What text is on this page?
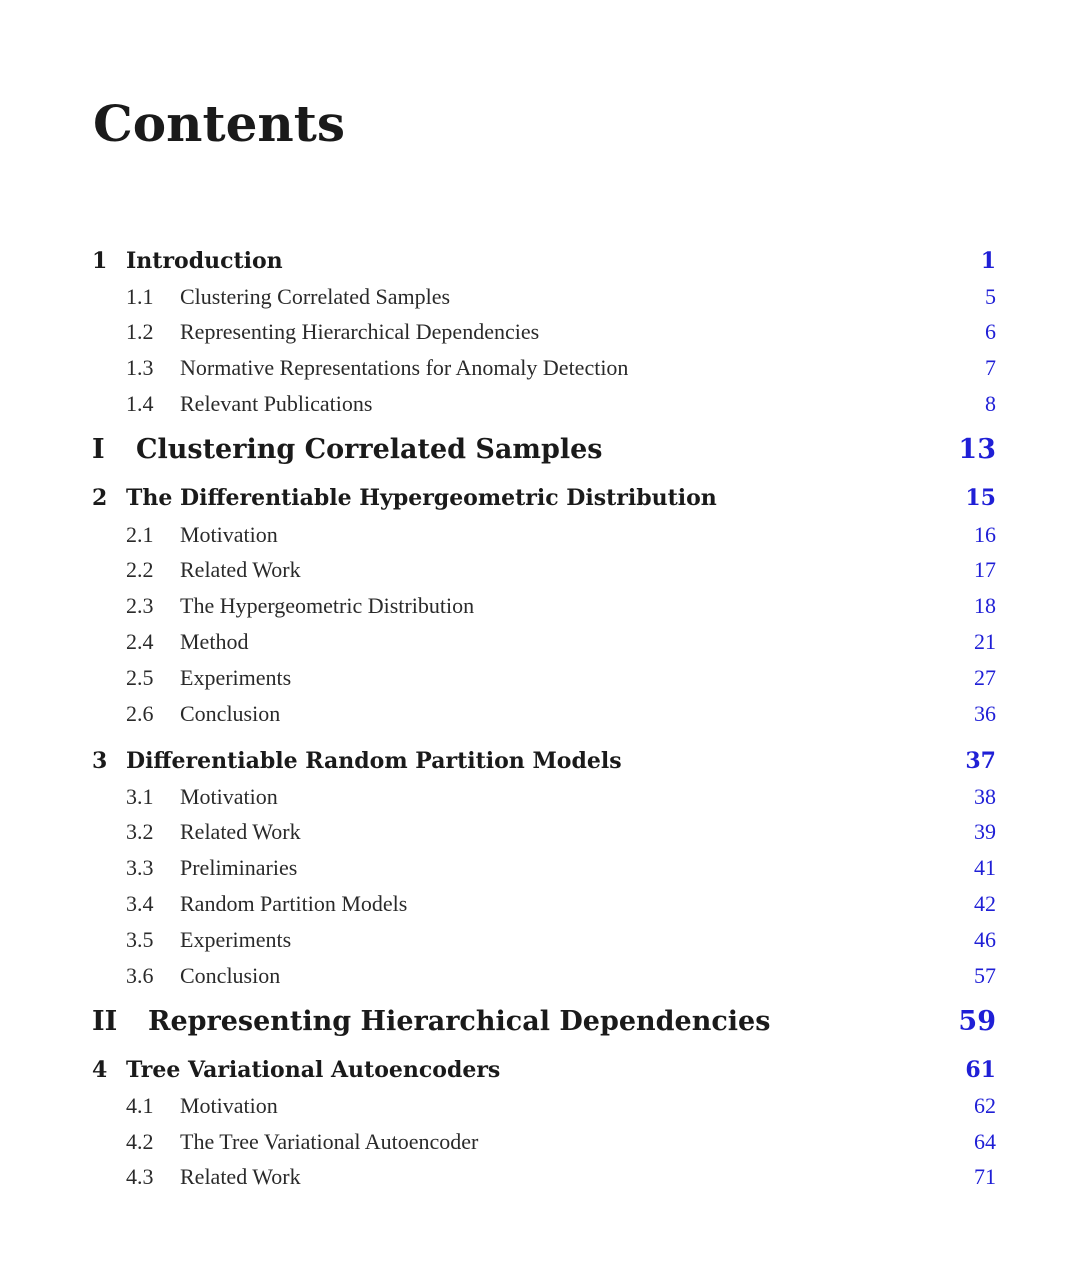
Contents
1 Introduction	1
1.1 Clustering Correlated Samples	5
1.2 Representing Hierarchical Dependencies	6
1.3 Normative Representations for Anomaly Detection	7
1.4 Relevant Publications	8
I Clustering Correlated Samples	13
2 The Differentiable Hypergeometric Distribution	15
2.1 Motivation	16
2.2 Related Work	17
2.3 The Hypergeometric Distribution	18
2.4 Method	21
2.5 Experiments	27
2.6 Conclusion	36
3 Differentiable Random Partition Models	37
3.1 Motivation	38
3.2 Related Work	39
3.3 Preliminaries	41
3.4 Random Partition Models	42
3.5 Experiments	46
3.6 Conclusion	57
II Representing Hierarchical Dependencies	59
4 Tree Variational Autoencoders	61
4.1 Motivation	62
4.2 The Tree Variational Autoencoder	64
4.3 Related Work	71
